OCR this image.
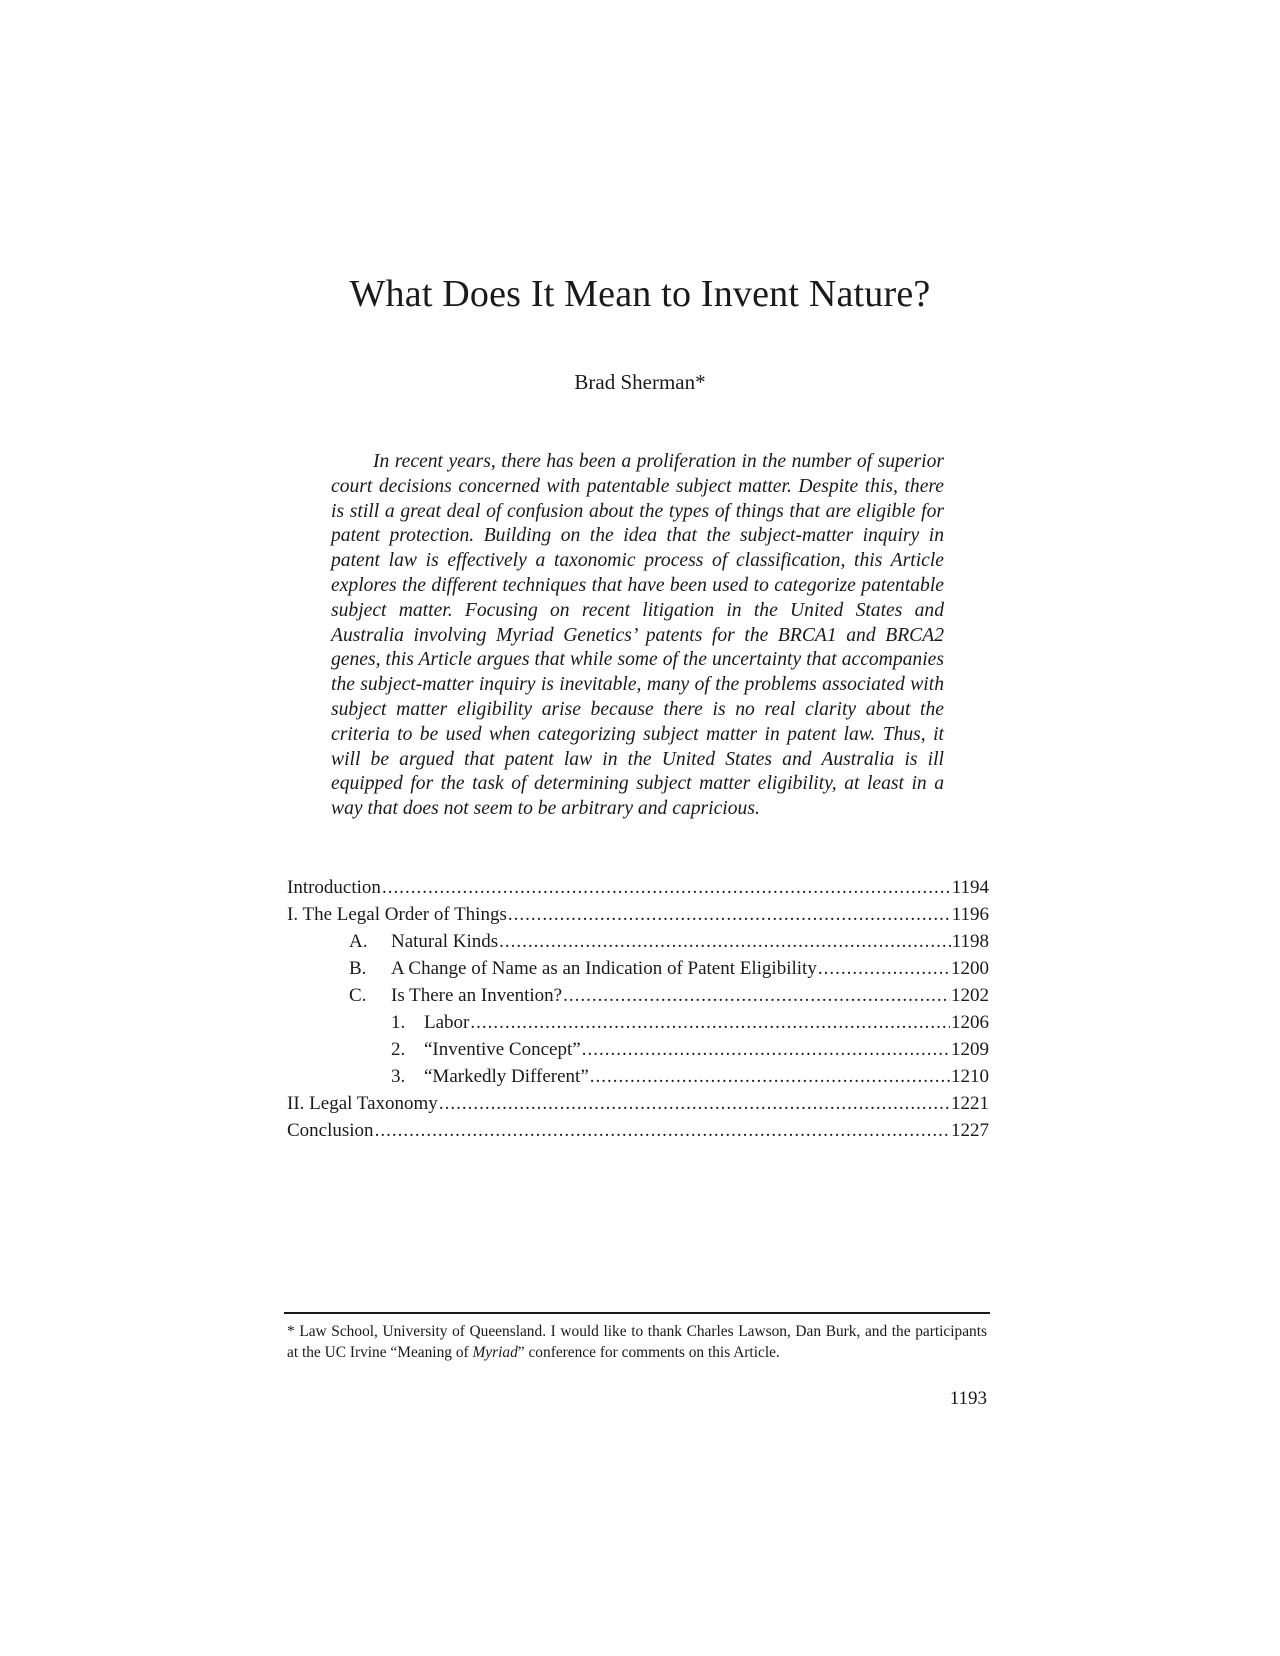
What Does It Mean to Invent Nature?
Brad Sherman*

In recent years, there has been a proliferation in the number of superior court decisions concerned with patentable subject matter. Despite this, there is still a great deal of confusion about the types of things that are eligible for patent protection. Building on the idea that the subject-matter inquiry in patent law is effectively a taxonomic process of classification, this Article explores the different techniques that have been used to categorize patentable subject matter. Focusing on recent litigation in the United States and Australia involving Myriad Genetics’ patents for the BRCA1 and BRCA2 genes, this Article argues that while some of the uncertainty that accompanies the subject-matter inquiry is inevitable, many of the problems associated with subject matter eligibility arise because there is no real clarity about the criteria to be used when categorizing subject matter in patent law. Thus, it will be argued that patent law in the United States and Australia is ill equipped for the task of determining subject matter eligibility, at least in a way that does not seem to be arbitrary and capricious.

Introduction .....	1194
I. The Legal Order of Things .....	1196
A.	Natural Kinds .....	1198
B.	A Change of Name as an Indication of Patent Eligibility .....	1200
C.	Is There an Invention? .....	1202
1. Labor .....	1206
2. “Inventive Concept” .....	1209
3. “Markedly Different” .....	1210
II. Legal Taxonomy .....	1221
Conclusion .....	1227

* Law School, University of Queensland. I would like to thank Charles Lawson, Dan Burk, and the participants at the UC Irvine “Meaning of Myriad” conference for comments on this Article.

1193
